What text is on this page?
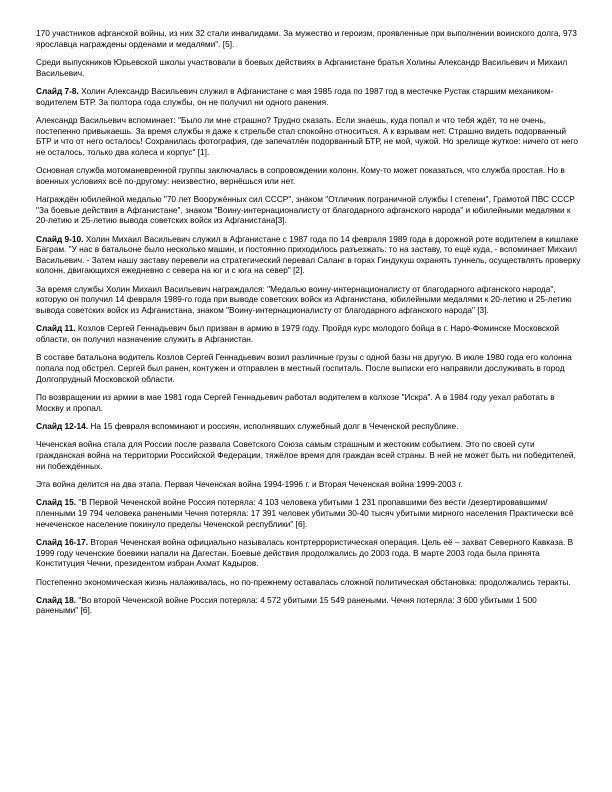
170 участников афганской войны, из них 32 стали инвалидами. За мужество и героизм, проявленные при выполнении воинского долга, 973 ярославца награждены орденами и медалями". [5].

Среди выпускников Юрьевской школы участвовали в боевых действиях в Афганистане братья Холины Александр Васильевич и Михаил Васильевич.

Слайд 7-8. Холин Александр Васильевич служил в Афганистане с мая 1985 года по 1987 год в местечке Рустак старшим механиком-водителем БТР. За полтора года службы, он не получил ни одного ранения.

Александр Васильевич вспоминает: "Было ли мне страшно? Трудно сказать. Если знаешь, куда попал и что тебя ждёт, то не очень, постепенно привыкаешь. За время службы я даже к стрельбе стал спокойно относиться. А к взрывам нет. Страшно видеть подорванный БТР и что от него осталось! Сохранилась фотография, где запечатлён подорванный БТР, не мой, чужой. Но зрелище жуткое: ничего от него не осталось, только два колеса и корпус" [1].

Основная служба мотоманевренной группы заключалась в сопровождении колонн. Кому-то может показаться, что служба простая. Но в военных условиях всё по-другому: неизвестно, вернёшься или нет.

Награждён юбилейной медалью "70 лет Вооружённых сил СССР", знаком "Отличник пограничной службы I степени", Грамотой ПВС СССР "За боевые действия в Афганистане", знаком "Воину-интернационалисту от благодарного афганского народа" и юбилейными медалями к 20-летию и 25-летию вывода советских войск из Афганистана[3].

Слайд 9-10. Холин Михаил Васильевич служил в Афганистане с 1987 года по 14 февраля 1989 года в дорожной роте водителем в кишлаке Баграм. "У нас в батальоне было несколько машин, и постоянно приходилось разъезжать: то на заставу, то ещё куда, - вспоминает Михаил Васильевич. - Затем нашу заставу перевели на стратегический перевал Саланг в горах Гиндукуш охранять туннель, осуществлять проверку колонн, двигающихся ежедневно с севера на юг и с юга на север" [2].

За время службы Холин Михаил Васильевич награждался: "Медалью воину-интернационалисту от благодарного афганского народа", которую он получил 14 февраля 1989-го года при выводе советских войск из Афганистана, юбилейными медалями к 20-летию и 25-летию вывода советских войск из Афганистана, знаком "Воину-интернационалисту от благодарного афганского народа" [3].

Слайд 11. Козлов Сергей Геннадьевич был призван в армию в 1979 году. Пройдя курс молодого бойца в г. Наро-Фоминске Московской области, он получил назначение служить в Афганистан.

В составе батальона водитель Козлов Сергей Геннадьевич возил различные грузы с одной базы на другую. В июле 1980 года его колонна попала под обстрел. Сергей был ранен, контужен и отправлен в местный госпиталь. После выписки его направили дослуживать в город Долгопрудный Московской области.

По возвращении из армии в мае 1981 года Сергей Геннадьевич работал водителем в колхозе "Искра". А в 1984 году уехал работать в Москву и пропал.

Слайд 12-14. На 15 февраля вспоминают и россиян, исполнявших служебный долг в Чеченской республике.

Чеченская война стала для России после развала Советского Союза самым страшным и жестоким событием. Это по своей сути гражданская война на территории Российской Федерации, тяжёлое время для граждан всей страны. В ней не может быть ни победителей, ни побеждённых.

Эта война делится на два этапа. Первая Чеченская война 1994-1996 г. и Вторая Чеченская война 1999-2003 г.

Слайд 15. "В Первой Чеченской войне Россия потеряла: 4 103 человека убитыми 1 231 пропавшими без вести /дезертировавшими/ пленными 19 794 человека ранеными Чечня потеряла: 17 391 человек убитыми 30-40 тысяч убитыми мирного населения Практически всё нечеченское население покинуло пределы Чеченской республики" [6].

Слайд 16-17. Вторая Чеченская война официально называлась контртеррористическая операция. Цель её – захват Северного Кавказа. В 1999 году чеченские боевики напали на Дагестан. Боевые действия продолжались до 2003 года. В марте 2003 года была принята Конституция Чечни, президентом избран Ахмат Кадыров.

Постепенно экономическая жизнь налаживалась, но по-прежнему оставалась сложной политическая обстановка: продолжались теракты.

Слайд 18. "Во второй Чеченской войне Россия потеряла: 4 572 убитыми 15 549 ранеными. Чечня потеряла: 3 600 убитыми 1 500 ранеными" [6].
